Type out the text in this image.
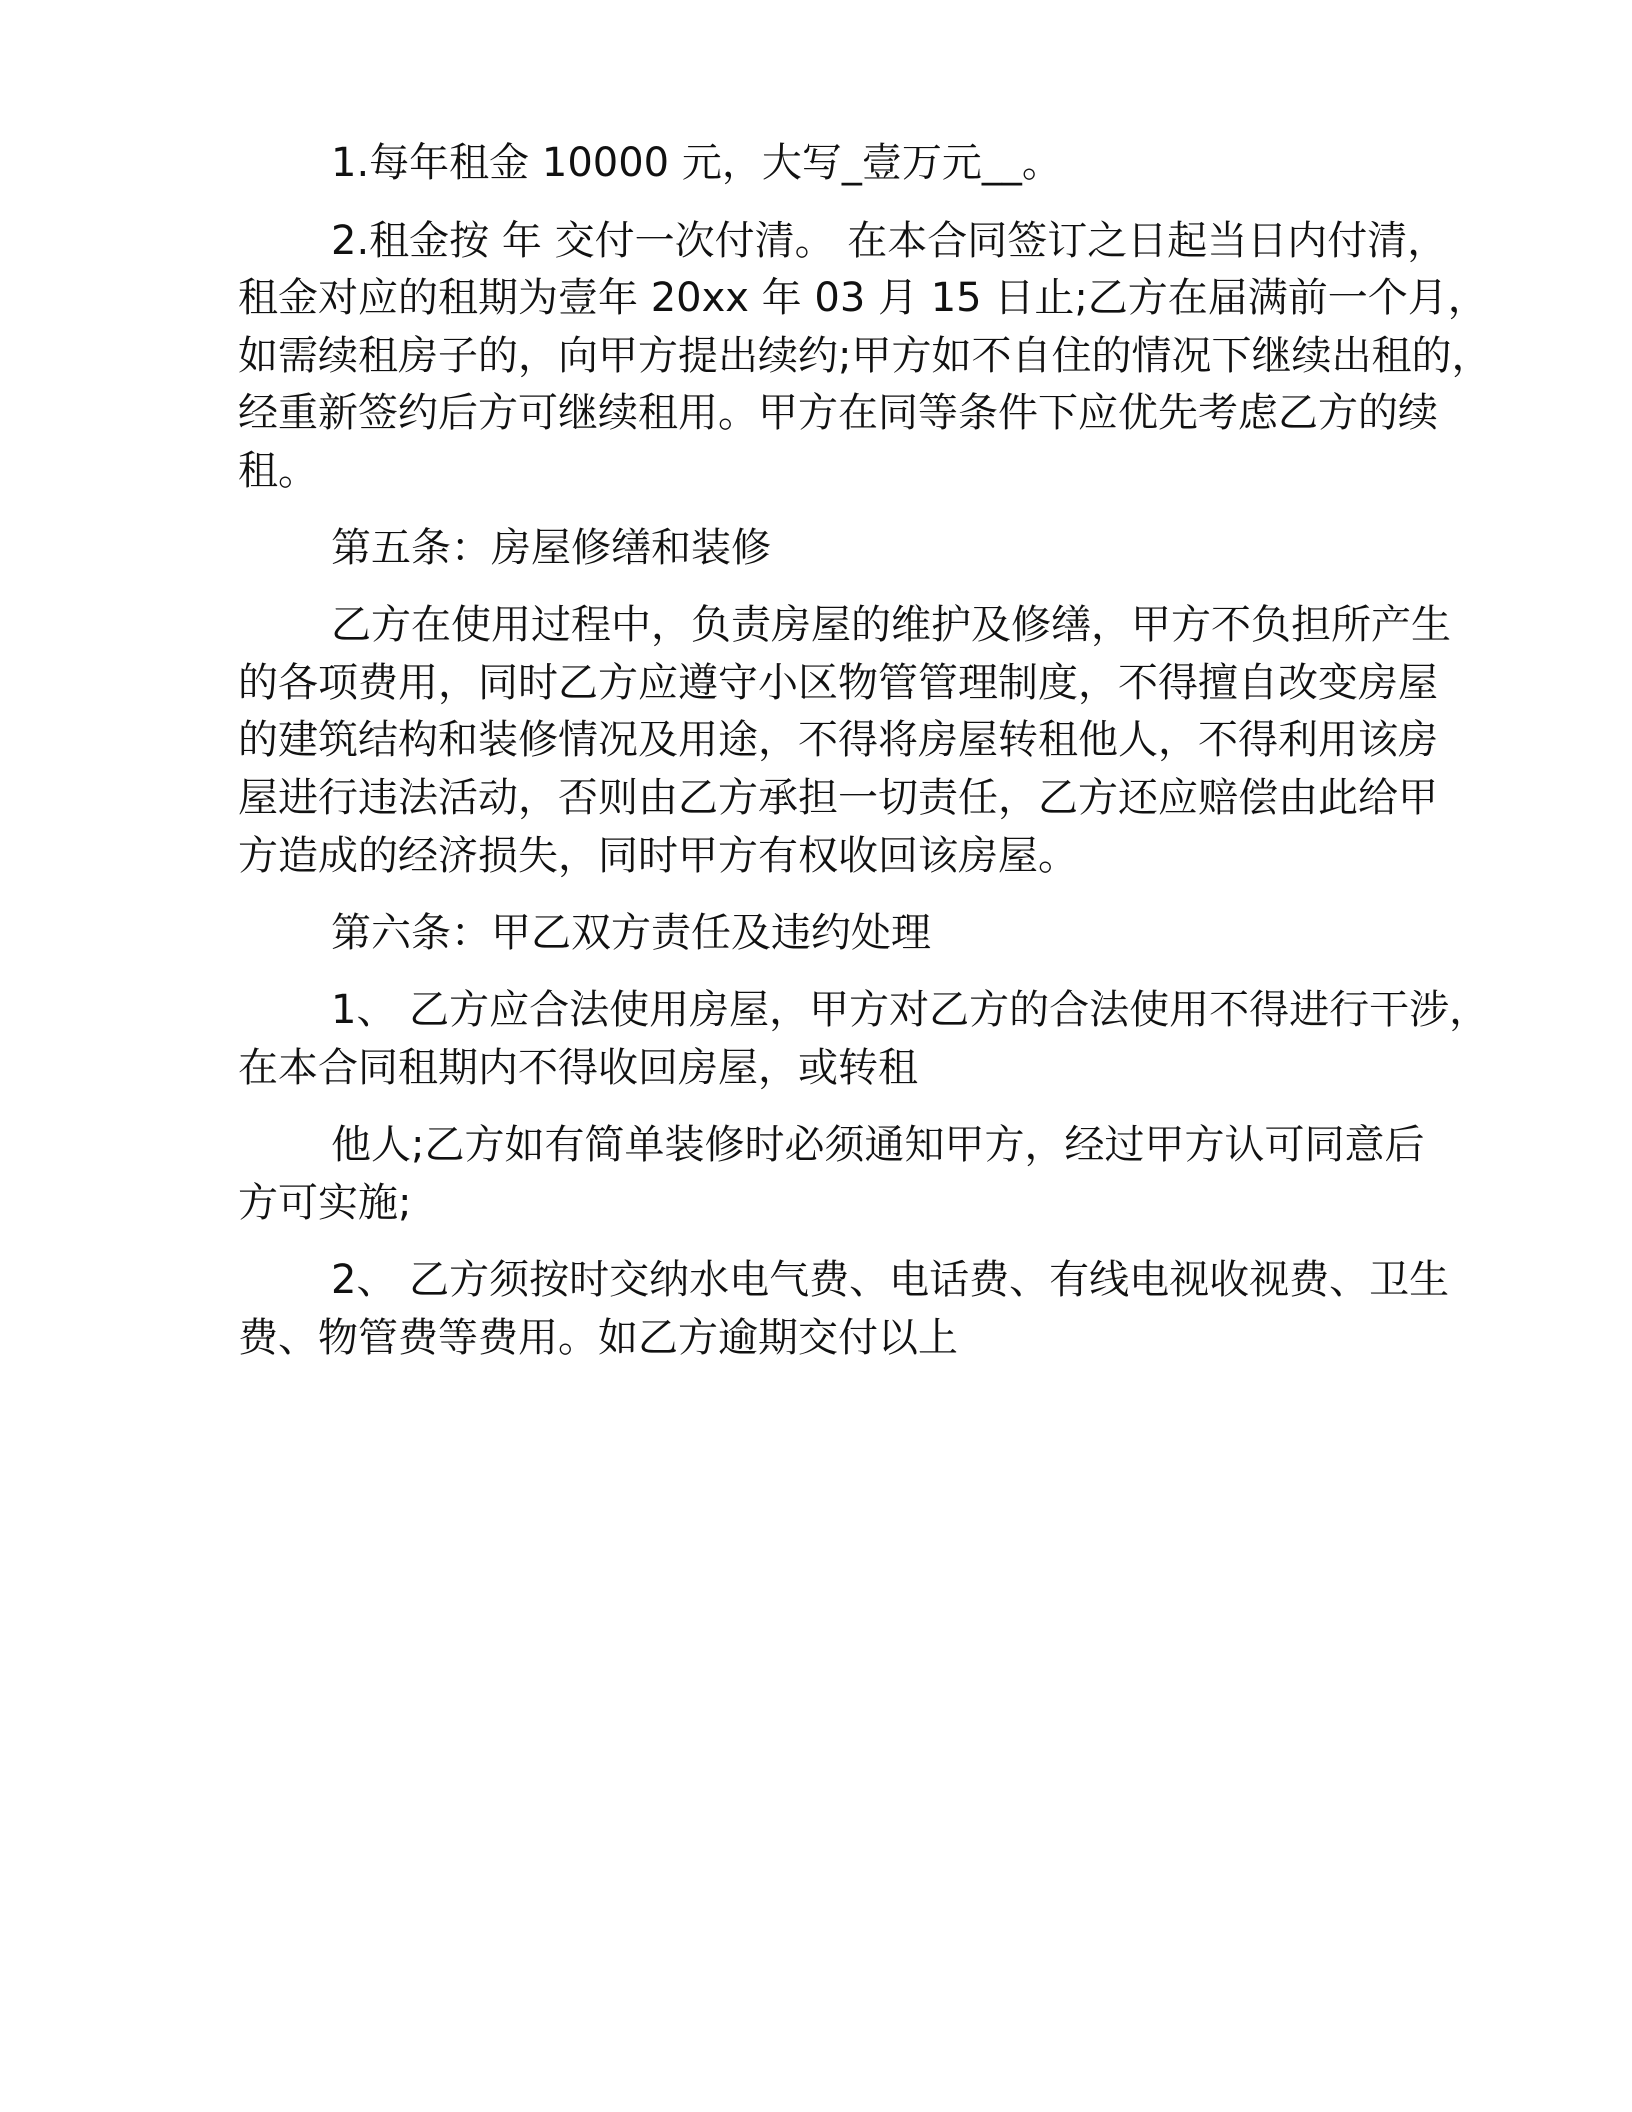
1.每年租金 10000 元，大写_壹万元__。
2.租金按 年 交付一次付清。 在本合同签订之日起当日内付清，
租金对应的租期为壹年 20xx 年 03 月 15 日止;乙方在届满前一个月，
如需续租房子的，向甲方提出续约;甲方如不自住的情况下继续出租的，
经重新签约后方可继续租用。甲方在同等条件下应优先考虑乙方的续
租。
第五条：房屋修缮和装修
乙方在使用过程中，负责房屋的维护及修缮，甲方不负担所产生
的各项费用，同时乙方应遵守小区物管管理制度，不得擅自改变房屋
的建筑结构和装修情况及用途，不得将房屋转租他人，不得利用该房
屋进行违法活动，否则由乙方承担一切责任，乙方还应赔偿由此给甲
方造成的经济损失，同时甲方有权收回该房屋。
第六条：甲乙双方责任及违约处理
1、 乙方应合法使用房屋，甲方对乙方的合法使用不得进行干涉，
在本合同租期内不得收回房屋，或转租
他人;乙方如有简单装修时必须通知甲方，经过甲方认可同意后
方可实施;
2、 乙方须按时交纳水电气费、电话费、有线电视收视费、卫生
费、物管费等费用。如乙方逾期交付以上
